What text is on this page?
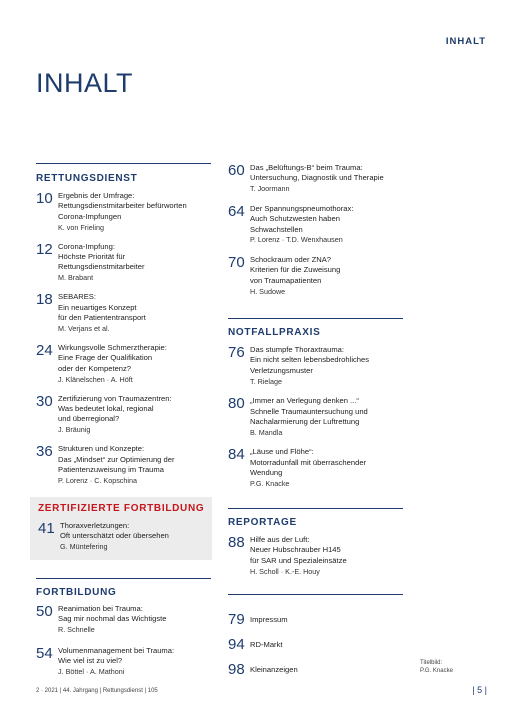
INHALT
INHALT
RETTUNGSDIENST
10 Ergebnis der Umfrage:
Rettungsdienstmitarbeiter befürworten
Corona-Impfungen
K. von Frieling
12 Corona-Impfung:
Höchste Priorität für
Rettungsdienstmitarbeiter
M. Brabant
18 SEBARES:
Ein neuartiges Konzept
für den Patiententransport
M. Verjans et al.
24 Wirkungsvolle Schmerztherapie:
Eine Frage der Qualifikation
oder der Kompetenz?
J. Klänelschen · A. Höft
30 Zertifizierung von Traumazentren:
Was bedeutet lokal, regional
und überregional?
J. Bräunig
36 Strukturen und Konzepte:
Das „Mindset“ zur Optimierung der
Patientenzuweisung im Trauma
P. Lorenz · C. Kopschina
ZERTIFIZIERTE FORTBILDUNG
41 Thoraxverletzungen:
Oft unterschätzt oder übersehen
G. Müntefering
FORTBILDUNG
50 Reanimation bei Trauma:
Sag mir nochmal das Wichtigste
R. Schnelle
54 Volumenmanagement bei Trauma:
Wie viel ist zu viel?
J. Böttel · A. Mathoni
60 Das „Belüftungs-B“ beim Trauma:
Untersuchung, Diagnostik und Therapie
T. Joormann
64 Der Spannungspneumothorax:
Auch Schutzwesten haben
Schwachstellen
P. Lorenz · T.D. Wenxhausen
70 Schockraum oder ZNA?
Kriterien für die Zuweisung
von Traumapatienten
H. Sudowe
NOTFALLPRAXIS
76 Das stumpfe Thoraxtrauma:
Ein nicht selten lebensbedrohliches
Verletzungsmuster
T. Rielage
80 „Immer an Verlegung denken ...“
Schnelle Traumauntersuchung und
Nachalarmierung der Luftrettung
B. Mandla
84 „Läuse und Flöhe“:
Motorradunfall mit überraschender
Wendung
P.G. Knacke
REPORTAGE
88 Hilfe aus der Luft:
Neuer Hubschrauber H145
für SAR und Spezialeinsätze
H. Scholl · K.-E. Houy
79 Impressum
94 RD-Markt
98 Kleinanzeigen
Titelbild:
P.G. Knacke
2 · 2021 | 44. Jahrgang | Rettungsdienst | 105	| 5 |
